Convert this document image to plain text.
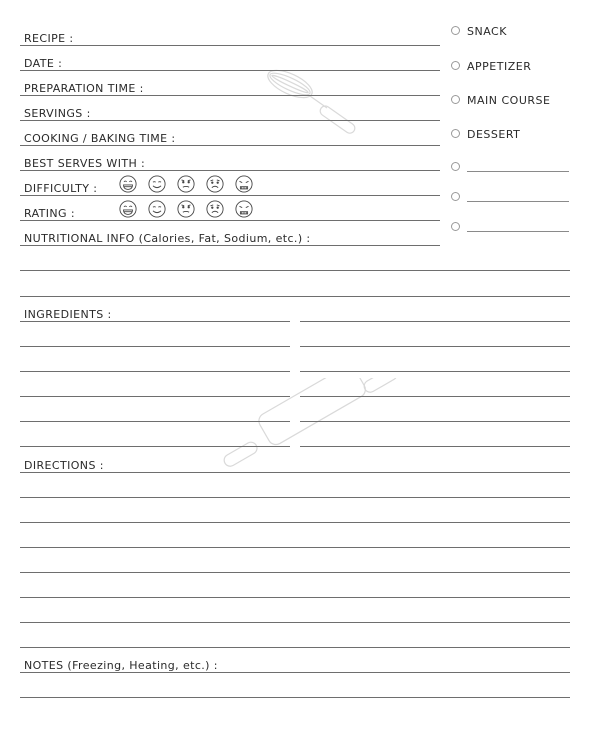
RECIPE :
DATE :
PREPARATION TIME :
SERVINGS :
COOKING / BAKING TIME :
BEST SERVES WITH :
DIFFICULTY :
RATING :
NUTRITIONAL INFO (Calories, Fat, Sodium, etc.) :
SNACK
APPETIZER
MAIN COURSE
DESSERT
INGREDIENTS :
DIRECTIONS :
NOTES (Freezing, Heating, etc.) :
